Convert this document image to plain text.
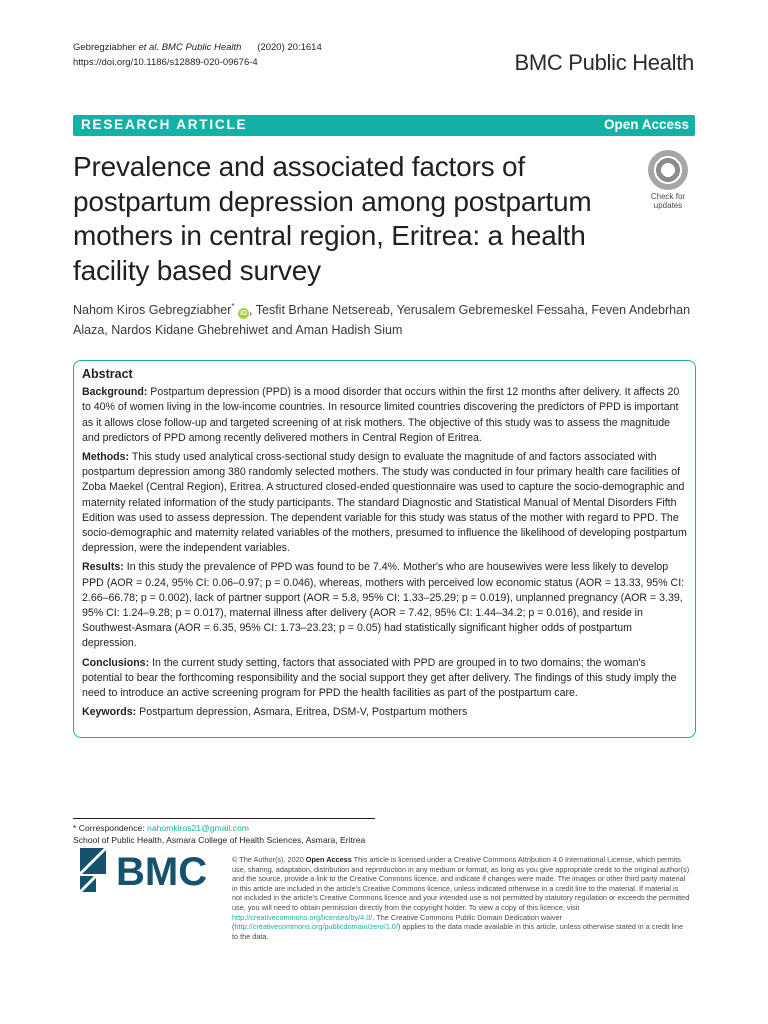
Gebregziabher et al. BMC Public Health (2020) 20:1614
https://doi.org/10.1186/s12889-020-09676-4	BMC Public Health
RESEARCH ARTICLE	Open Access
Prevalence and associated factors of postpartum depression among postpartum mothers in central region, Eritrea: a health facility based survey
Check for
updates
Nahom Kiros Gebregziabher* iD , Tesfit Brhane Netsereab, Yerusalem Gebremeskel Fessaha, Feven Andebrhan Alaza, Nardos Kidane Ghebrehiwet and Aman Hadish Sium
Abstract

Background: Postpartum depression (PPD) is a mood disorder that occurs within the first 12 months after delivery. It affects 20 to 40% of women living in the low-income countries. In resource limited countries discovering the predictors of PPD is important as it allows close follow-up and targeted screening of at risk mothers. The objective of this study was to assess the magnitude and predictors of PPD among recently delivered mothers in Central Region of Eritrea.

Methods: This study used analytical cross-sectional study design to evaluate the magnitude of and factors associated with postpartum depression among 380 randomly selected mothers. The study was conducted in four primary health care facilities of Zoba Maekel (Central Region), Eritrea. A structured closed-ended questionnaire was used to capture the socio-demographic and maternity related information of the study participants. The standard Diagnostic and Statistical Manual of Mental Disorders Fifth Edition was used to assess depression. The dependent variable for this study was status of the mother with regard to PPD. The socio-demographic and maternity related variables of the mothers, presumed to influence the likelihood of developing postpartum depression, were the independent variables.

Results: In this study the prevalence of PPD was found to be 7.4%. Mother's who are housewives were less likely to develop PPD (AOR = 0.24, 95% CI: 0.06–0.97; p = 0.046), whereas, mothers with perceived low economic status (AOR = 13.33, 95% CI: 2.66–66.78; p = 0.002), lack of partner support (AOR = 5.8, 95% CI: 1.33–25.29; p = 0.019), unplanned pregnancy (AOR = 3.39, 95% CI: 1.24–9.28; p = 0.017), maternal illness after delivery (AOR = 7.42, 95% CI: 1.44–34.2; p = 0.016), and reside in Southwest-Asmara (AOR = 6.35, 95% CI: 1.73–23.23; p = 0.05) had statistically significant higher odds of postpartum depression.

Conclusions: In the current study setting, factors that associated with PPD are grouped in to two domains; the woman's potential to bear the forthcoming responsibility and the social support they get after delivery. The findings of this study imply the need to introduce an active screening program for PPD the health facilities as part of the postpartum care.

Keywords: Postpartum depression, Asmara, Eritrea, DSM-V, Postpartum mothers

* Correspondence: nahomkiros21@gmail.com
School of Public Health, Asmara College of Health Sciences, Asmara, Eritrea
BMC	© The Author(s). 2020 Open Access This article is licensed under a Creative Commons Attribution 4.0 International License, which permits use, sharing, adaptation, distribution and reproduction in any medium or format, as long as you give appropriate credit to the original author(s) and the source, provide a link to the Creative Commons licence, and indicate if changes were made. The images or other third party material in this article are included in the article's Creative Commons licence, unless indicated otherwise in a credit line to the material. If material is not included in the article's Creative Commons licence and your intended use is not permitted by statutory regulation or exceeds the permitted use, you will need to obtain permission directly from the copyright holder. To view a copy of this licence, visit http://creativecommons.org/licenses/by/4.0/. The Creative Commons Public Domain Dedication waiver (http://creativecommons.org/publicdomain/zero/1.0/) applies to the data made available in this article, unless otherwise stated in a credit line to the data.
